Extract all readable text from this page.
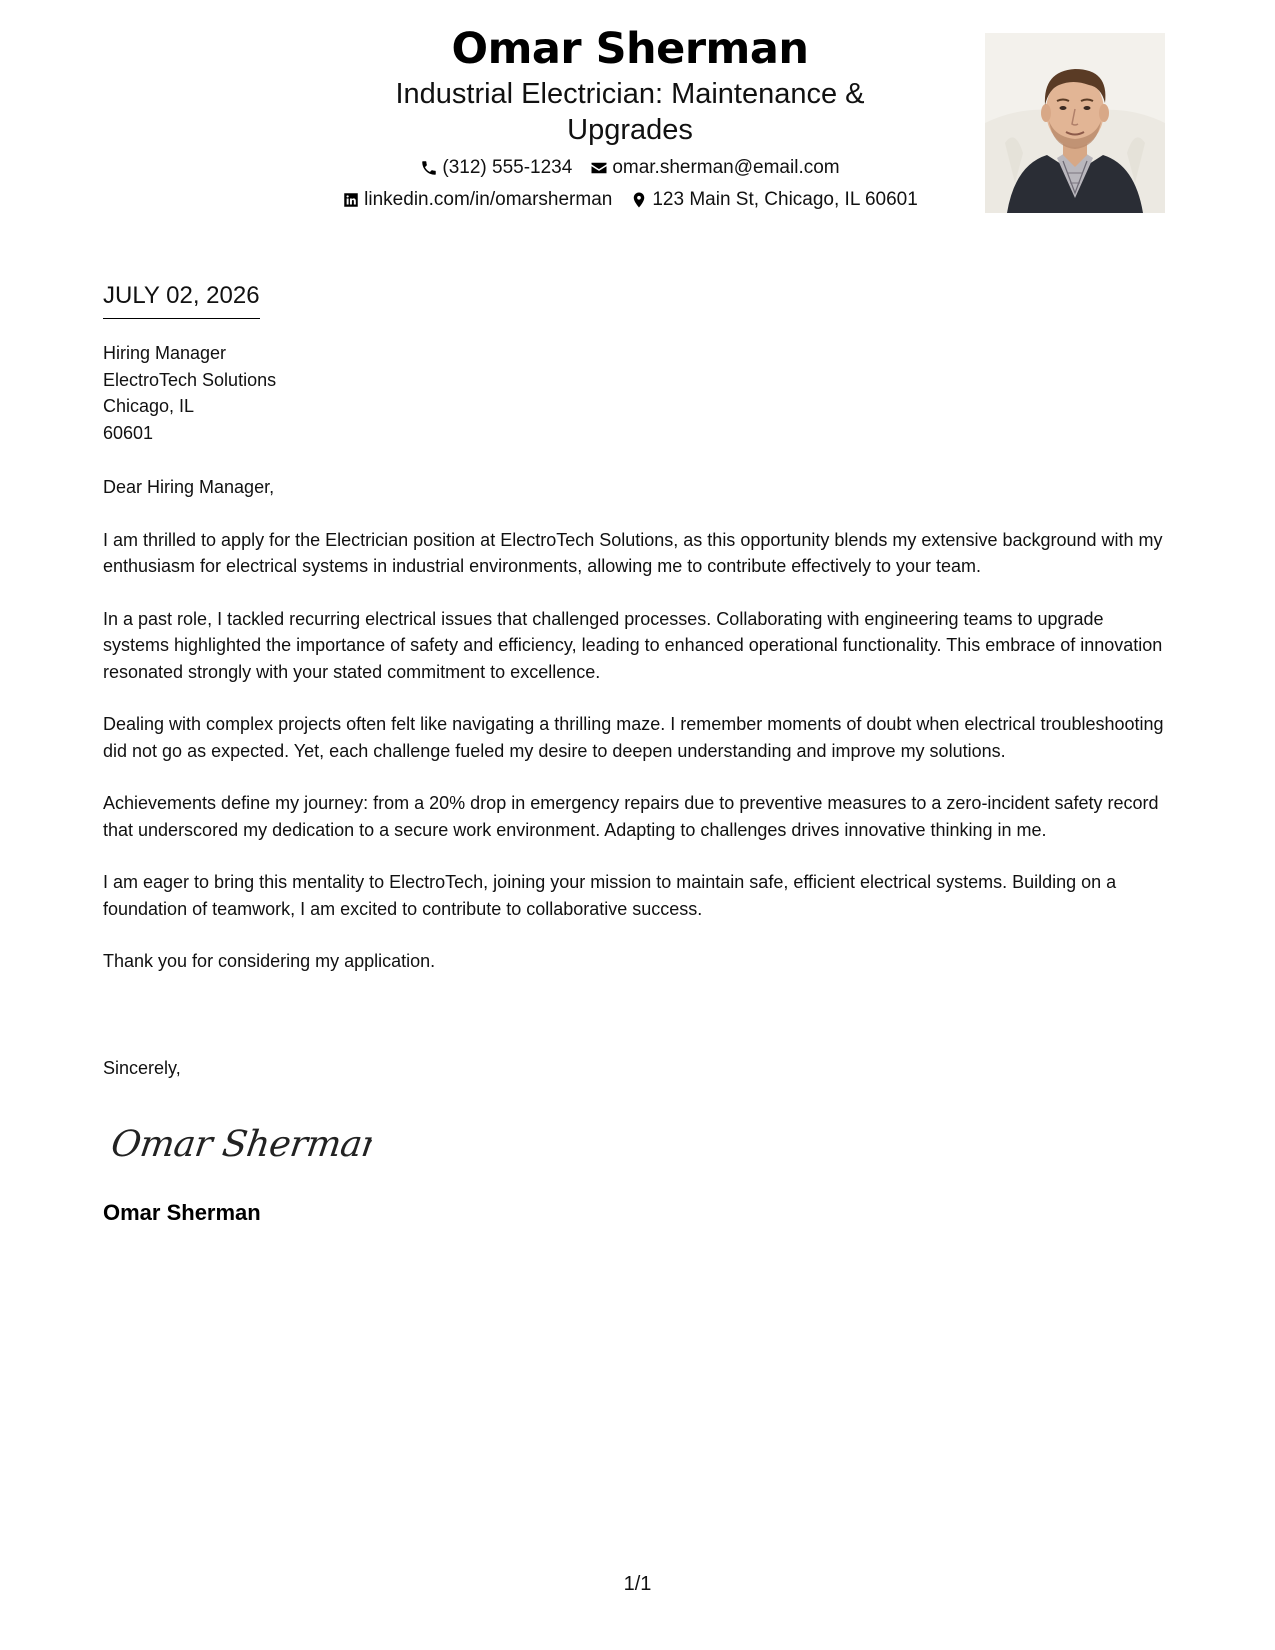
Omar Sherman
Industrial Electrician: Maintenance & Upgrades
(312) 555-1234 omar.sherman@email.com
linkedin.com/in/omarsherman 123 Main St, Chicago, IL 60601
JULY 02, 2026
Hiring Manager
ElectroTech Solutions
Chicago, IL
60601

Dear Hiring Manager,

I am thrilled to apply for the Electrician position at ElectroTech Solutions, as this opportunity blends my extensive background with my enthusiasm for electrical systems in industrial environments, allowing me to contribute effectively to your team.

In a past role, I tackled recurring electrical issues that challenged processes. Collaborating with engineering teams to upgrade systems highlighted the importance of safety and efficiency, leading to enhanced operational functionality. This embrace of innovation resonated strongly with your stated commitment to excellence.

Dealing with complex projects often felt like navigating a thrilling maze. I remember moments of doubt when electrical troubleshooting did not go as expected. Yet, each challenge fueled my desire to deepen understanding and improve my solutions.

Achievements define my journey: from a 20% drop in emergency repairs due to preventive measures to a zero-incident safety record that underscored my dedication to a secure work environment. Adapting to challenges drives innovative thinking in me.

I am eager to bring this mentality to ElectroTech, joining your mission to maintain safe, efficient electrical systems. Building on a foundation of teamwork, I am excited to contribute to collaborative success.

Thank you for considering my application.

Sincerely,
Omar Sherman
Omar Sherman
1/1
